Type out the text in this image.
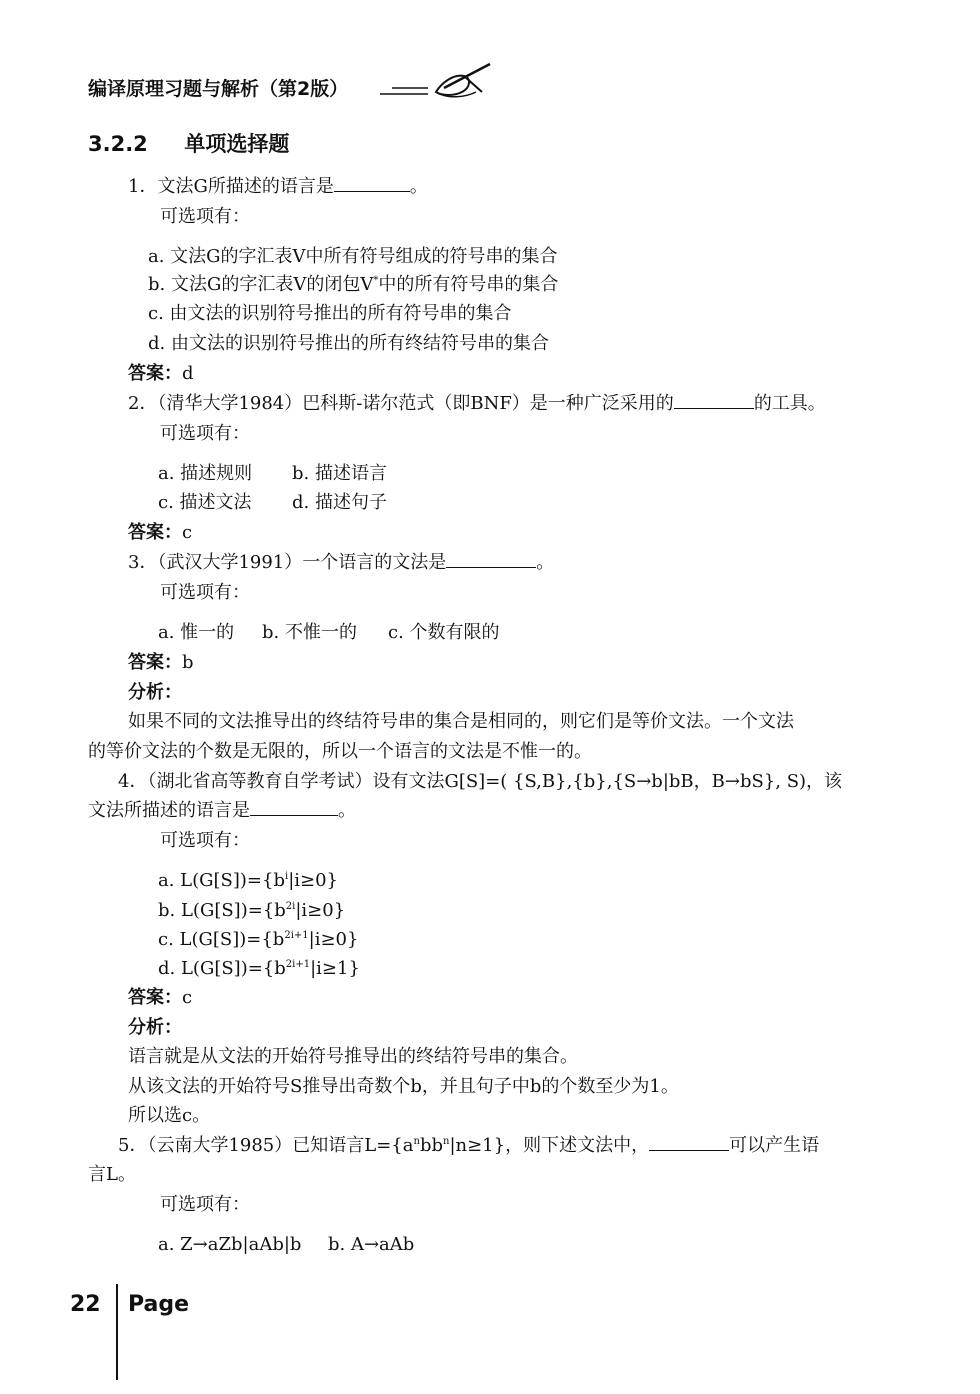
编译原理习题与解析（第2版）
3.2.2 单项选择题
1．文法G所描述的语言是	。
可选项有：
a. 文法G的字汇表V中所有符号组成的符号串的集合
b. 文法G的字汇表V的闭包V*中的所有符号串的集合
c. 由文法的识别符号推出的所有符号串的集合
d. 由文法的识别符号推出的所有终结符号串的集合
答案：d
2．（清华大学1984）巴科斯-诺尔范式（即BNF）是一种广泛采用的	的工具。
可选项有：
a. 描述规则 b. 描述语言
c. 描述文法 d. 描述句子
答案：c
3．（武汉大学1991）一个语言的文法是	。
可选项有：
a. 惟一的 b. 不惟一的 c. 个数有限的
答案：b
分析：
如果不同的文法推导出的终结符号串的集合是相同的，则它们是等价文法。一个文法
的等价文法的个数是无限的，所以一个语言的文法是不惟一的。
4．（湖北省高等教育自学考试）设有文法G[S]=( {S,B},{b},{S→b|bB，B→bS}, S)，该
文法所描述的语言是	。
可选项有：
a. $L(G[S])=\{b^i|i\ge 0\}$
b. $L(G[S])=\{b^{2i}|i\ge 0\}$
c. $L(G[S])=\{b^{2i+1}|i\ge 0\}$
d. $L(G[S])=\{b^{2i+1}|i\ge 1\}$
答案：c
分析：
语言就是从文法的开始符号推导出的终结符号串的集合。
从该文法的开始符号S推导出奇数个b，并且句子中b的个数至少为1。
所以选c。
5．（云南大学1985）已知语言$L=\{a^nbb^n|n\ge 1\}$，则下述文法中，	可以产生语
言L。
可选项有：
a. Z→aZb|aAb|b b. A→aAb
22 Page
